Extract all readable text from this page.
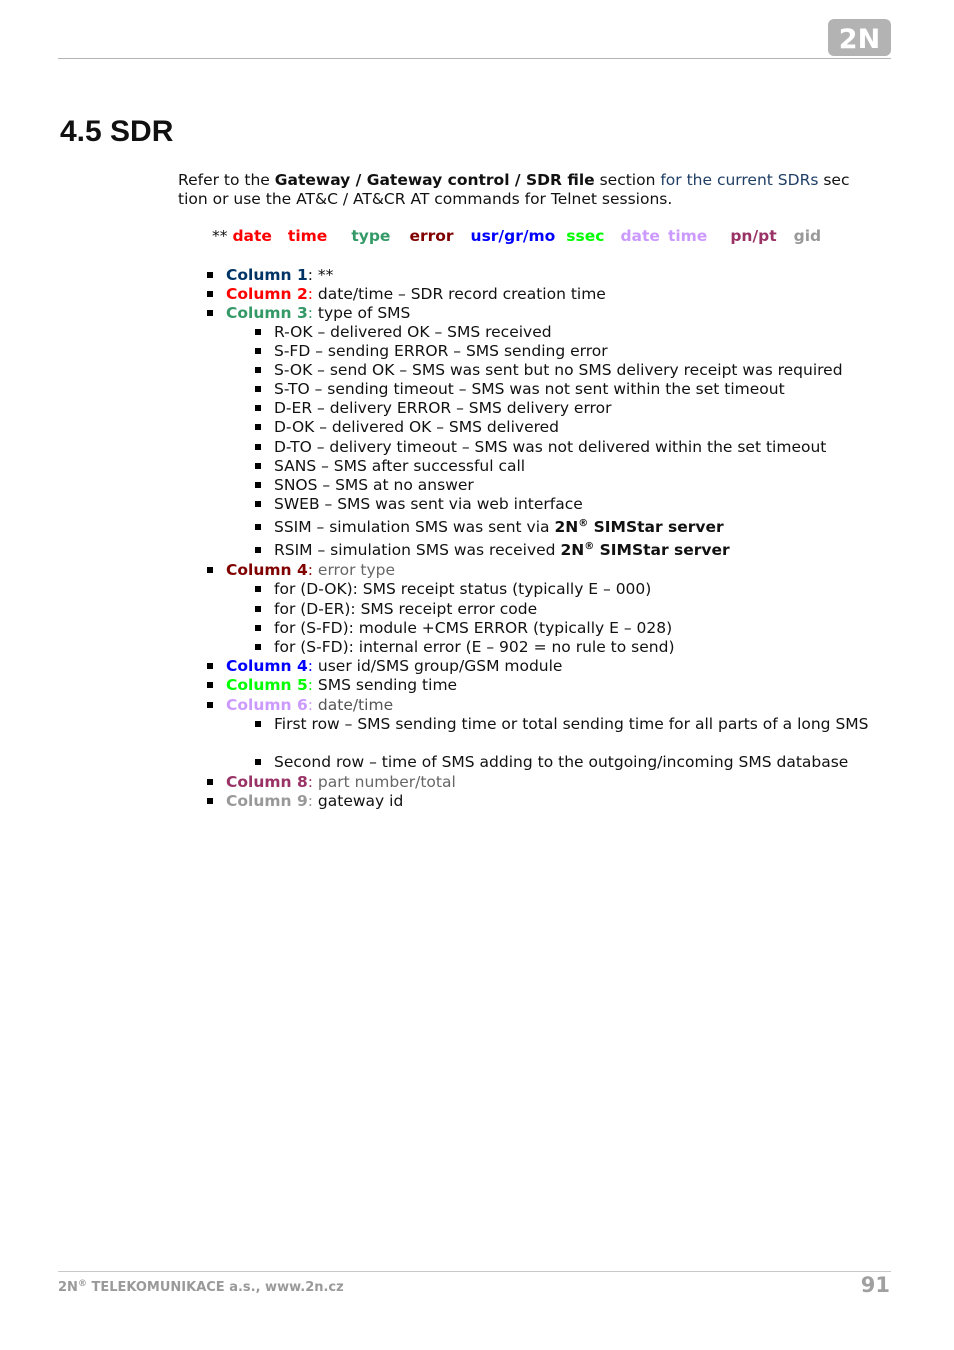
2N
4.5 SDR

Refer to the Gateway / Gateway control / SDR file section for the current SDRs sec
tion or use the AT&C / AT&CR AT commands for Telnet sessions.

** date time type error usr/gr/mo ssec date time pn/pt gid
Column 1: **
Column 2: date/time – SDR record creation time
Column 3: type of SMS
R-OK – delivered OK – SMS received
S-FD – sending ERROR – SMS sending error
S-OK – send OK – SMS was sent but no SMS delivery receipt was required
S-TO – sending timeout – SMS was not sent within the set timeout
D-ER – delivery ERROR – SMS delivery error
D-OK – delivered OK – SMS delivered
D-TO – delivery timeout – SMS was not delivered within the set timeout
SANS – SMS after successful call
SNOS – SMS at no answer
SWEB – SMS was sent via web interface
SSIM – simulation SMS was sent via 2N® SIMStar server
RSIM – simulation SMS was received 2N® SIMStar server
Column 4: error type
for (D-OK): SMS receipt status (typically E – 000)
for (D-ER): SMS receipt error code
for (S-FD): module +CMS ERROR (typically E – 028)
for (S-FD): internal error (E – 902 = no rule to send)
Column 4: user id/SMS group/GSM module
Column 5: SMS sending time
Column 6: date/time
First row – SMS sending time or total sending time for all parts of a long SMS
Second row – time of SMS adding to the outgoing/incoming SMS database
Column 8: part number/total
Column 9: gateway id
2N® TELEKOMUNIKACE a.s., www.2n.cz	91
